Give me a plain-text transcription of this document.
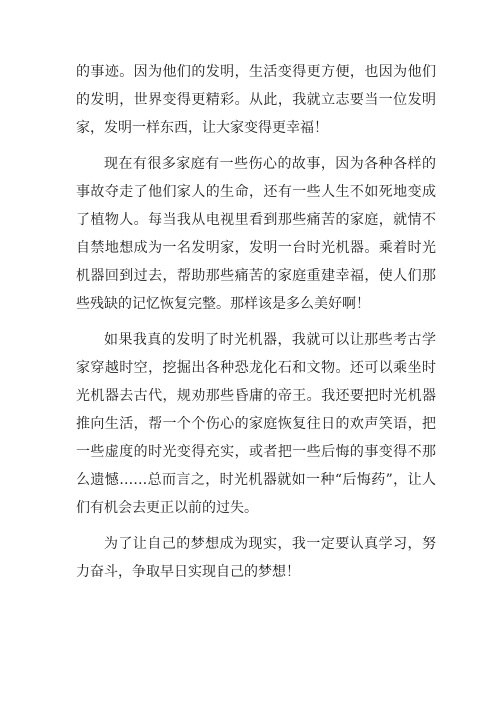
的事迹。因为他们的发明，生活变得更方便，也因为他们的发明，世界变得更精彩。从此，我就立志要当一位发明家，发明一样东西，让大家变得更幸福！

现在有很多家庭有一些伤心的故事，因为各种各样的事故夺走了他们家人的生命，还有一些人生不如死地变成了植物人。每当我从电视里看到那些痛苦的家庭，就情不自禁地想成为一名发明家，发明一台时光机器。乘着时光机器回到过去，帮助那些痛苦的家庭重建幸福，使人们那些残缺的记忆恢复完整。那样该是多么美好啊！

如果我真的发明了时光机器，我就可以让那些考古学家穿越时空，挖掘出各种恐龙化石和文物。还可以乘坐时光机器去古代，规劝那些昏庸的帝王。我还要把时光机器推向生活，帮一个个伤心的家庭恢复往日的欢声笑语，把一些虚度的时光变得充实，或者把一些后悔的事变得不那么遗憾……总而言之，时光机器就如一种“后悔药”，让人们有机会去更正以前的过失。

为了让自己的梦想成为现实，我一定要认真学习，努力奋斗，争取早日实现自己的梦想！
